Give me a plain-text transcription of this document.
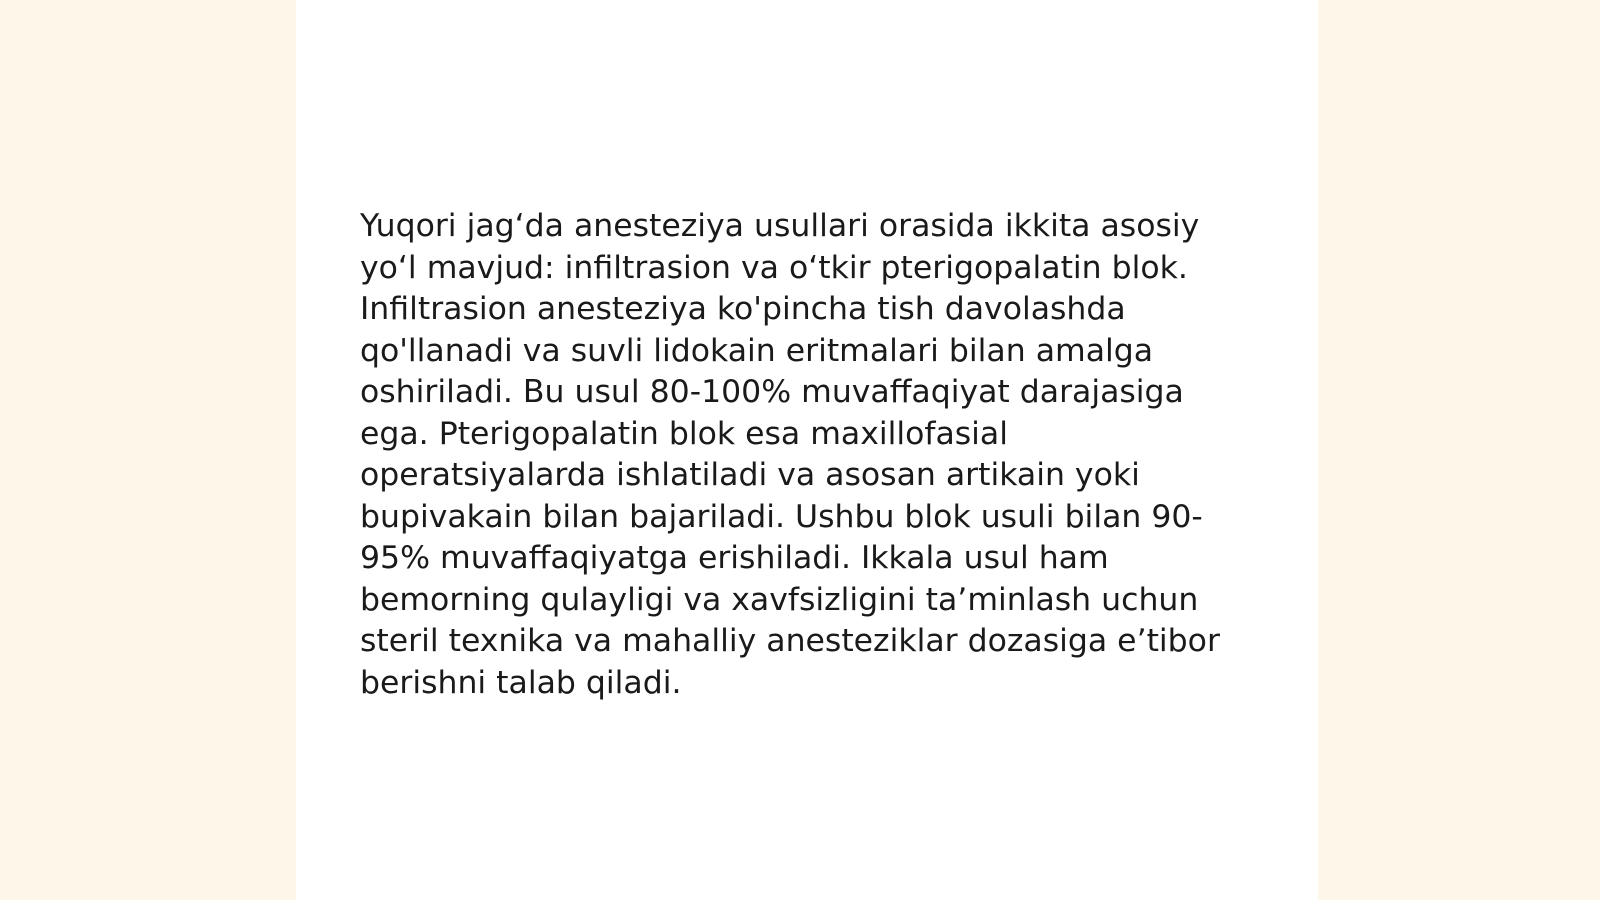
Yuqori jagʻda anesteziya usullari orasida ikkita asosiy
yoʻl mavjud: infiltrasion va oʻtkir pterigopalatin blok.
Infiltrasion anesteziya ko'pincha tish davolashda
qo'llanadi va suvli lidokain eritmalari bilan amalga
oshiriladi. Bu usul 80-100% muvaffaqiyat darajasiga
ega. Pterigopalatin blok esa maxillofasial
operatsiyalarda ishlatiladi va asosan artikain yoki
bupivakain bilan bajariladi. Ushbu blok usuli bilan 90-
95% muvaffaqiyatga erishiladi. Ikkala usul ham
bemorning qulayligi va xavfsizligini taʼminlash uchun
steril texnika va mahalliy anesteziklar dozasiga eʼtibor
berishni talab qiladi.
